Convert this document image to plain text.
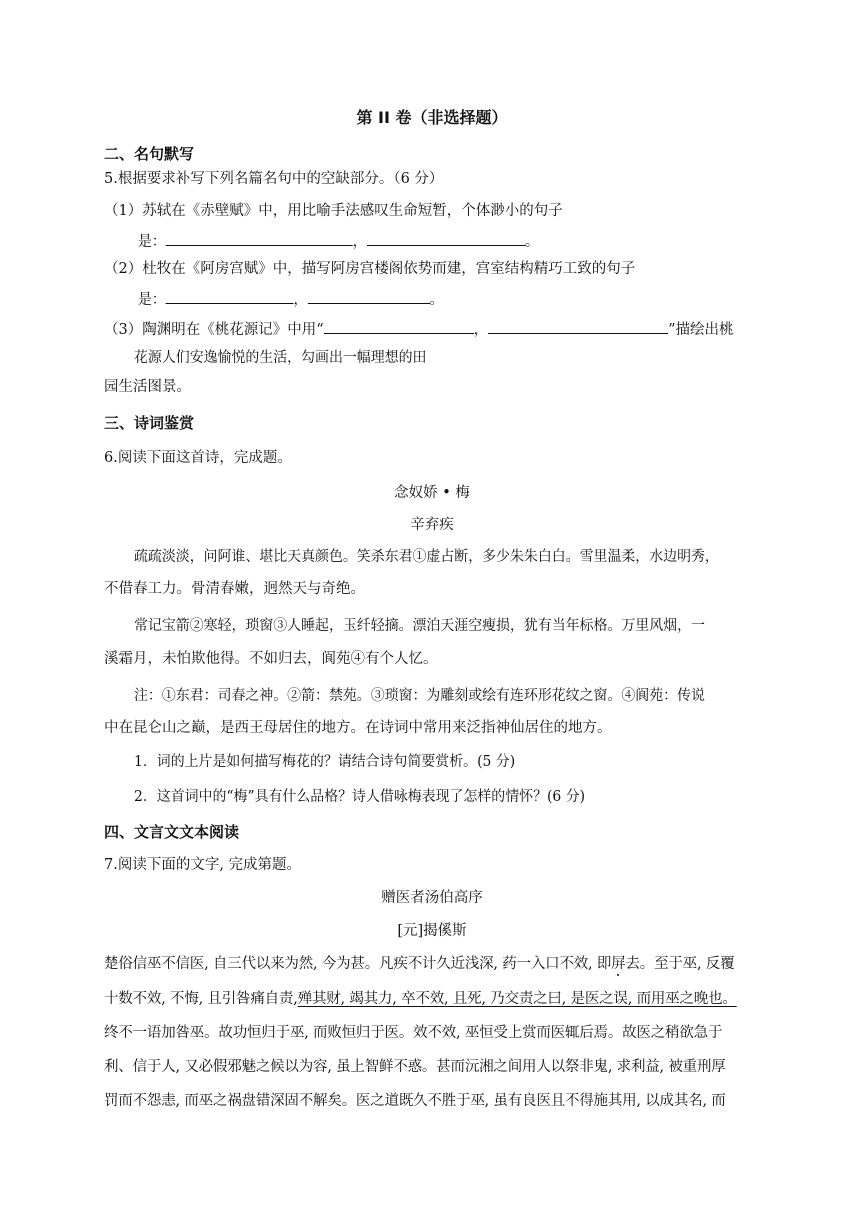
第 II 卷（非选择题）
二、名句默写
5.根据要求补写下列名篇名句中的空缺部分。（6 分）
（1）苏轼在《赤壁赋》中，用比喻手法感叹生命短暂，个体渺小的句子
是：	，	。
（2）杜牧在《阿房宫赋》中，描写阿房宫楼阁依势而建，宫室结构精巧工致的句子
是：	，	。
（3）陶渊明在《桃花源记》中用“	，	”描绘出桃
花源人们安逸愉悦的生活，勾画出一幅理想的田
园生活图景。
三、诗词鉴赏
6.阅读下面这首诗，完成题。
念奴娇 • 梅
辛弃疾
疏疏淡淡，问阿谁、堪比天真颜色。笑杀东君①虚占断，多少朱朱白白。雪里温柔，水边明秀，
不借春工力。骨清春嫩，迥然天与奇绝。
常记宝箭②寒轻，琐窗③人睡起，玉纤轻摘。漂泊天涯空瘦损，犹有当年标格。万里风烟，一
溪霜月，未怕欺他得。不如归去，阆苑④有个人忆。
注：①东君：司春之神。②箭：禁苑。③琐窗：为雕刻或绘有连环形花纹之窗。④阆苑：传说
中在昆仑山之巅，是西王母居住的地方。在诗词中常用来泛指神仙居住的地方。
1．词的上片是如何描写梅花的？请结合诗句简要赏析。(5 分)
2．这首词中的“梅”具有什么品格？诗人借咏梅表现了怎样的情怀？(6 分)
四、文言文文本阅读
7.阅读下面的文字, 完成第题。
赠医者汤伯高序
[元]揭傒斯
楚俗信巫不信医, 自三代以来为然, 今为甚。凡疾不计久近浅深, 药一入口不效, 即屏去。至于巫, 反覆
十数不效, 不悔, 且引咎痛自责,殚其财, 竭其力, 卒不效, 且死, 乃交责之曰, 是医之误, 而用巫之晚也。
终不一语加咎巫。故功恒归于巫, 而败恒归于医。效不效, 巫恒受上赏而医辄后焉。故医之稍欲急于
利、信于人, 又必假邪魅之候以为容, 虽上智鲜不惑。甚而沅湘之间用人以祭非鬼, 求利益, 被重刑厚
罚而不怨恚, 而巫之祸盘错深固不解矣。医之道既久不胜于巫, 虽有良医且不得施其用, 以成其名, 而
